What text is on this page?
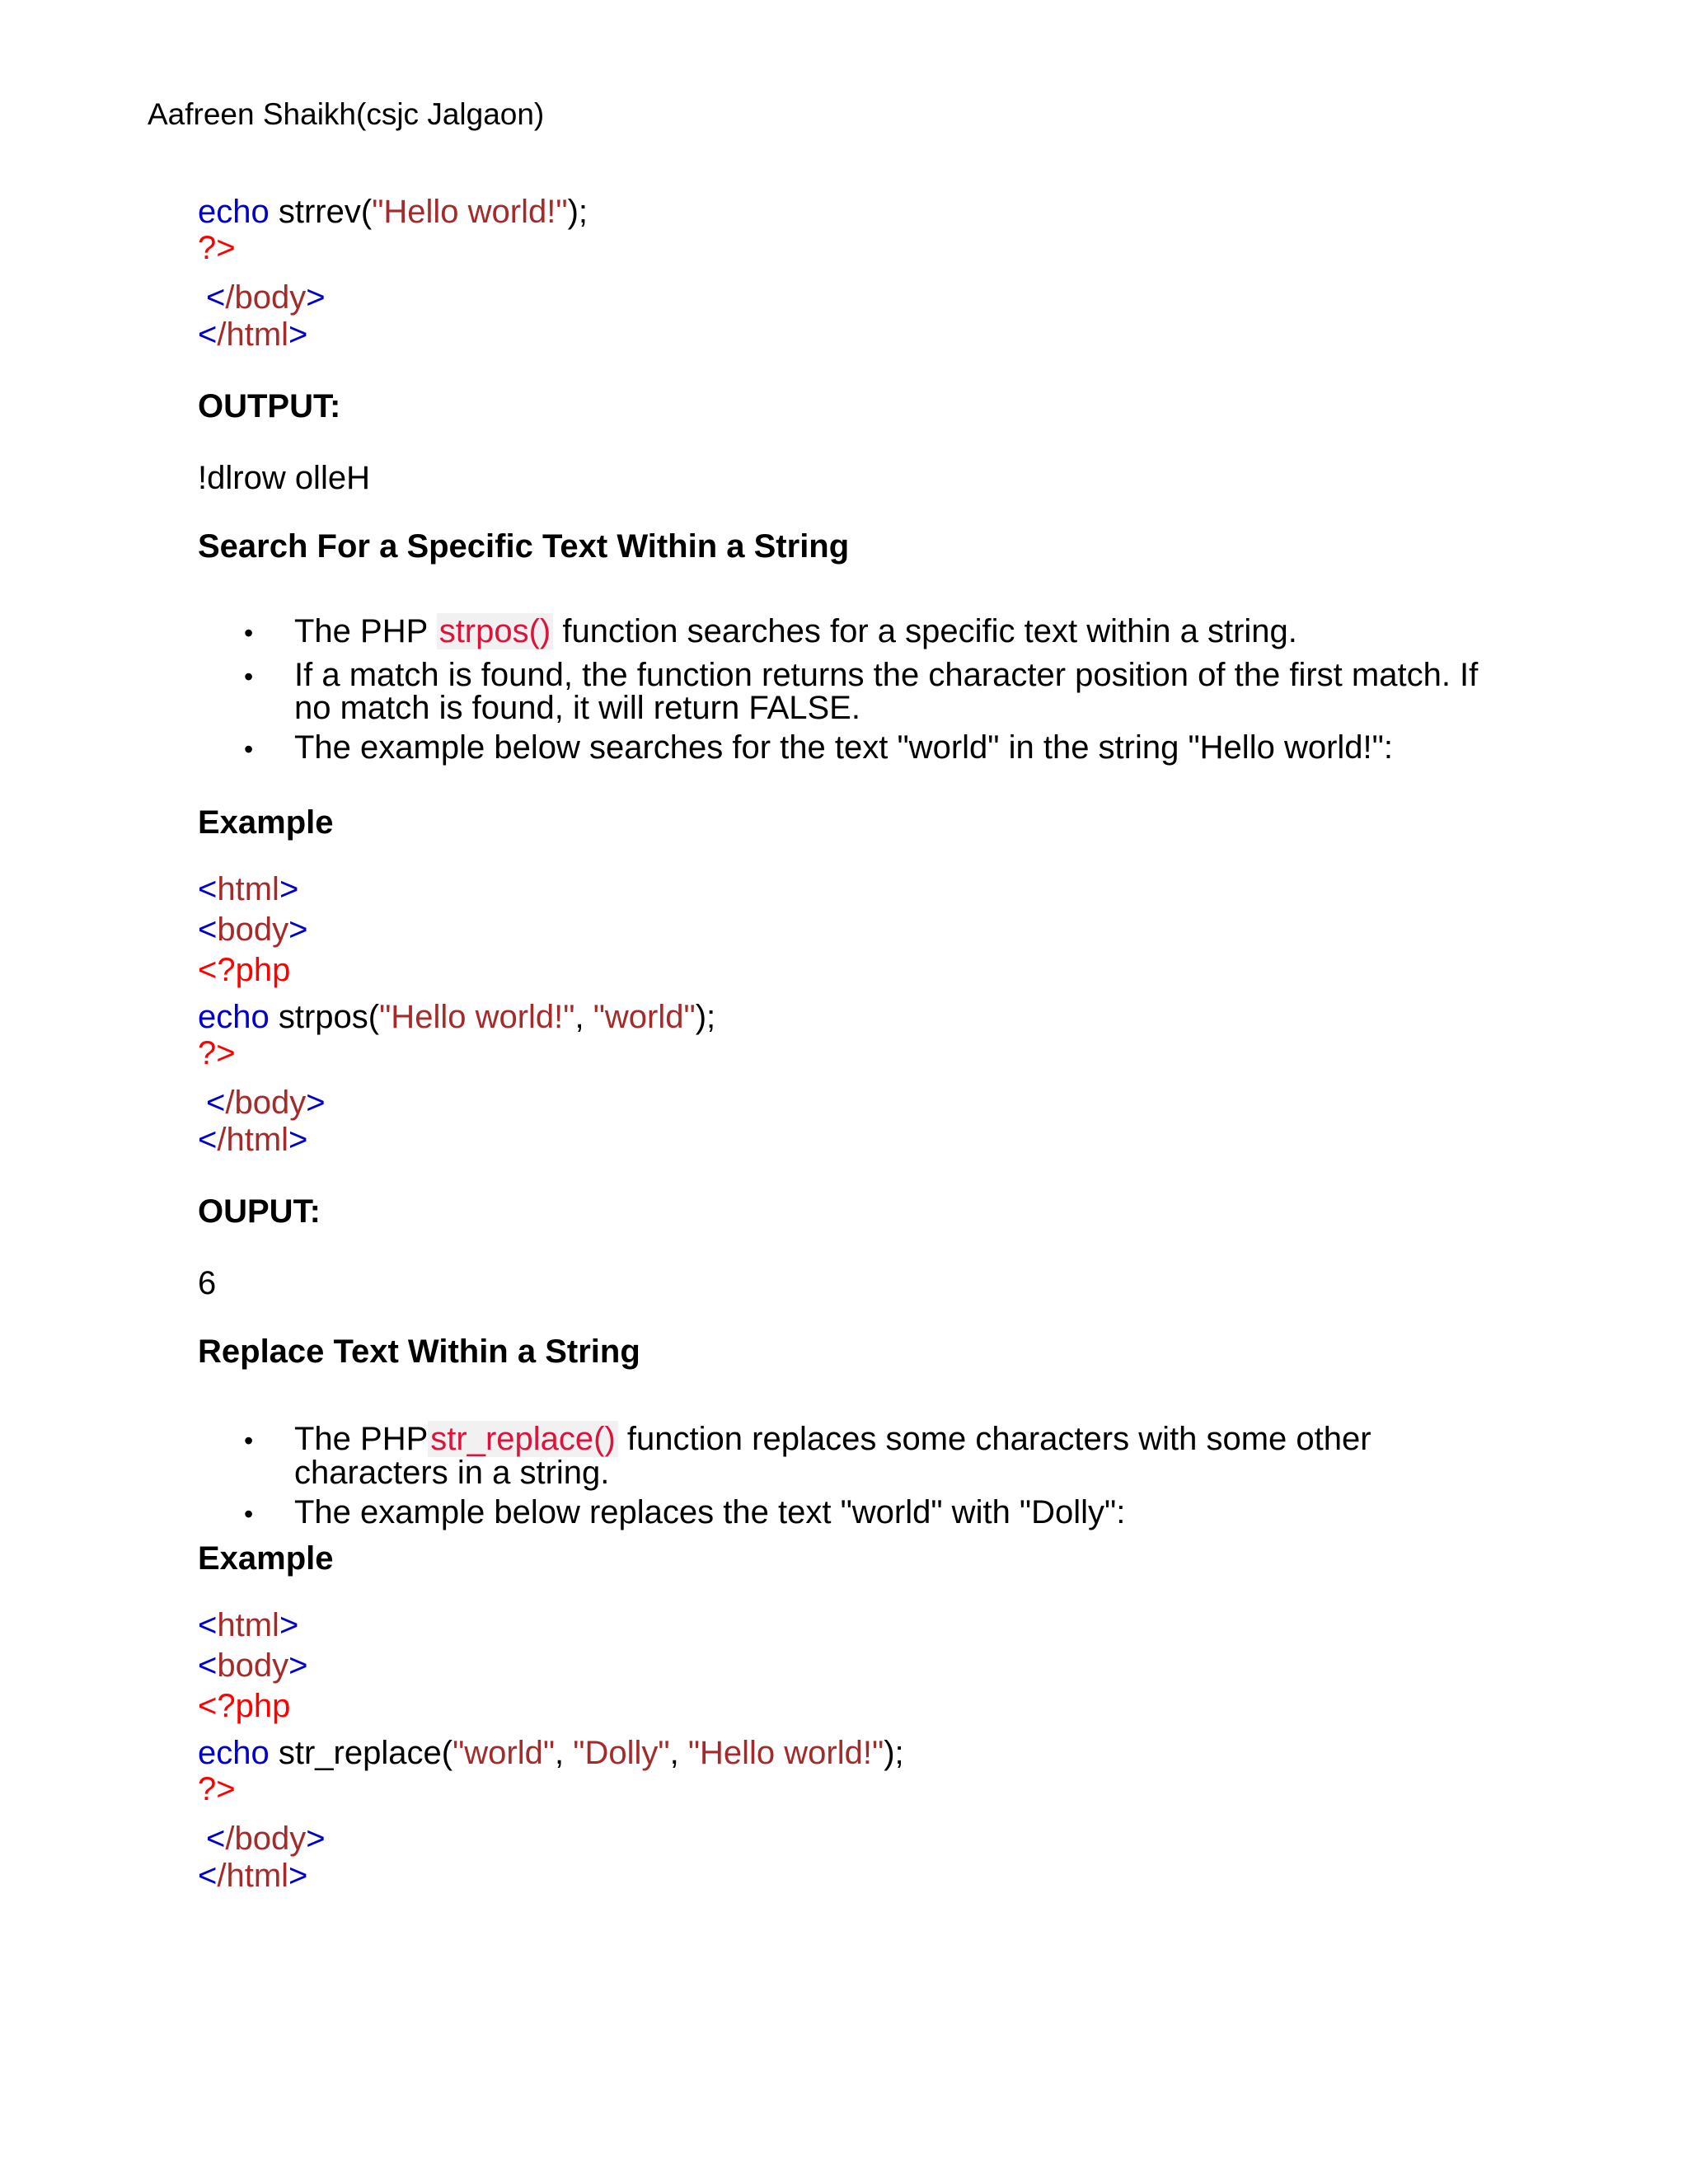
Aafreen Shaikh(csjc Jalgaon)
echo strrev("Hello world!");
?>
</body>
</html>
OUTPUT:
!dlrow olleH
Search For a Specific Text Within a String
• The PHP strpos() function searches for a specific text within a string.
• If a match is found, the function returns the character position of the first match. If
no match is found, it will return FALSE.
• The example below searches for the text "world" in the string "Hello world!":
Example
<html>
<body>
<?php
echo strpos("Hello world!", "world");
?>
</body>
</html>
OUPUT:
6
Replace Text Within a String
• The PHPstr_replace() function replaces some characters with some other
characters in a string.
• The example below replaces the text "world" with "Dolly":
Example
<html>
<body>
<?php
echo str_replace("world", "Dolly", "Hello world!");
?>
</body>
</html>
